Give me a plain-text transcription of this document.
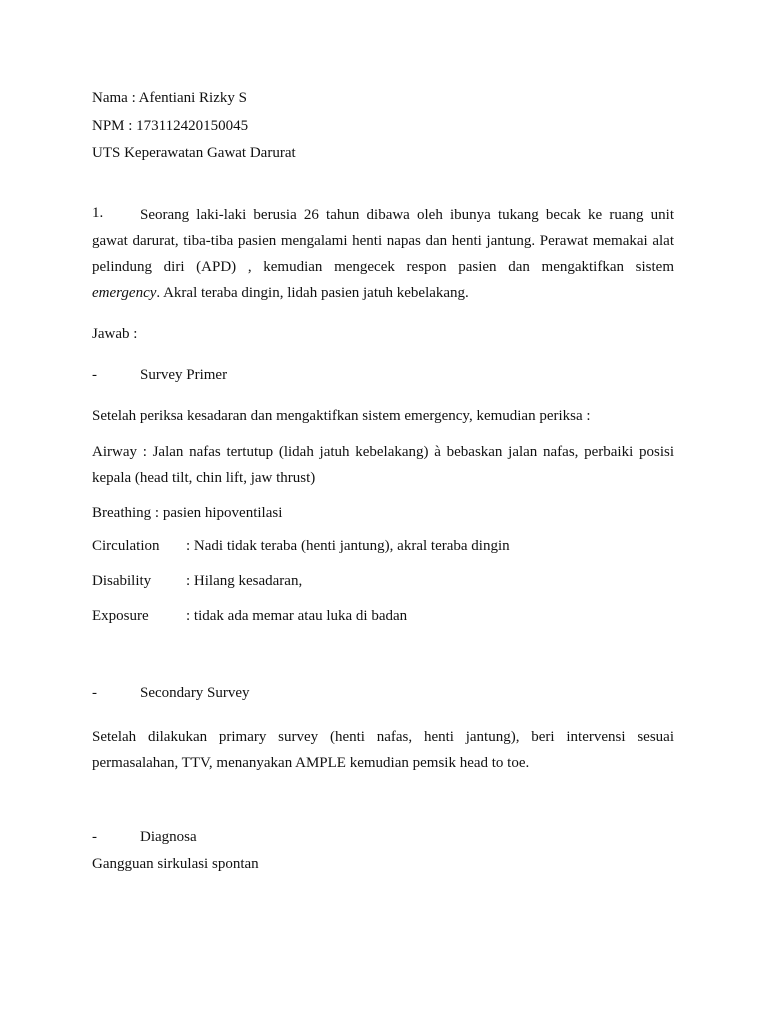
Nama : Afentiani Rizky S
NPM : 173112420150045
UTS Keperawatan Gawat Darurat
1.	Seorang laki-laki berusia 26 tahun dibawa oleh ibunya tukang becak ke ruang unit
gawat darurat, tiba-tiba pasien mengalami henti napas dan henti jantung. Perawat memakai alat
pelindung diri (APD) , kemudian mengecek respon pasien dan mengaktifkan sistem
emergency. Akral teraba dingin, lidah pasien jatuh kebelakang.
Jawab :
-	Survey Primer
Setelah periksa kesadaran dan mengaktifkan sistem emergency, kemudian periksa :
Airway : Jalan nafas tertutup (lidah jatuh kebelakang) à bebaskan jalan nafas, perbaiki posisi
kepala (head tilt, chin lift, jaw thrust)
Breathing : pasien hipoventilasi
Circulation : Nadi tidak teraba (henti jantung), akral teraba dingin
Disability : Hilang kesadaran,
Exposure : tidak ada memar atau luka di badan
-	Secondary Survey
Setelah dilakukan primary survey (henti nafas, henti jantung), beri intervensi sesuai
permasalahan, TTV, menanyakan AMPLE kemudian pemsik head to toe.
-	Diagnosa
Gangguan sirkulasi spontan
